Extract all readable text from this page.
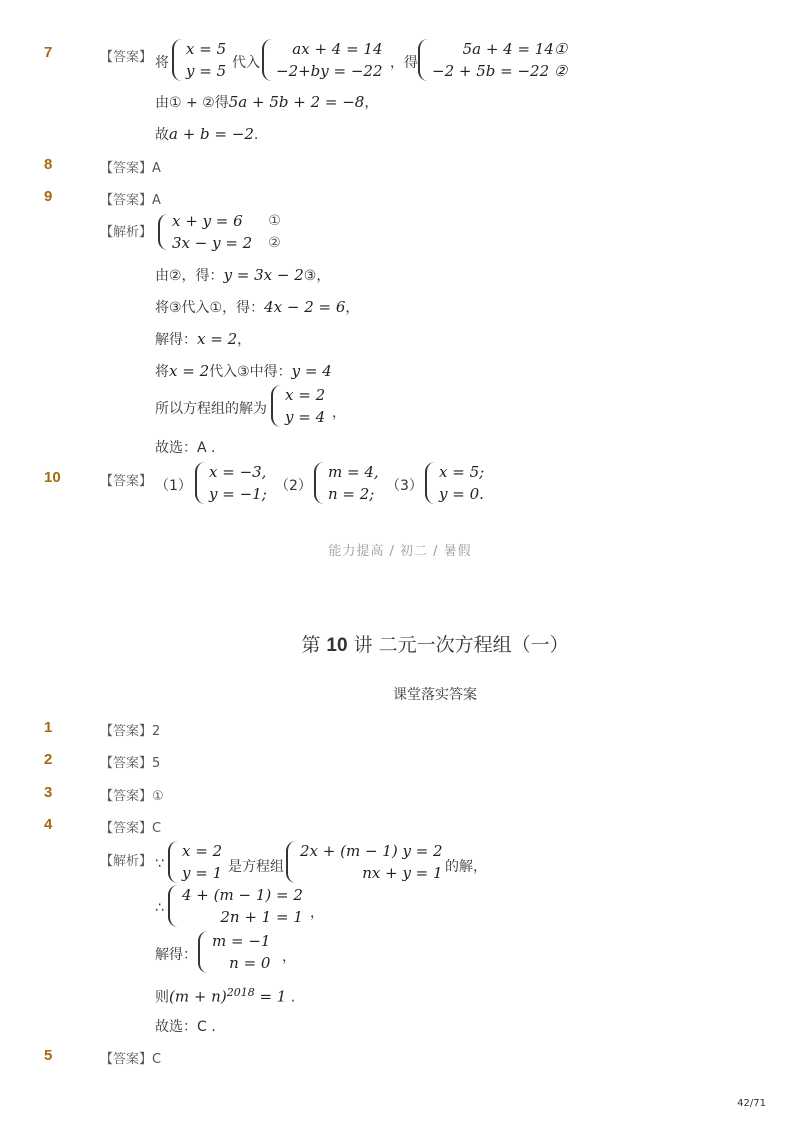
7	【答案】 将
x = 5
y = 5 代入
ax + 4 = 14
−2+by = −22 ，得
5a + 4 = 14①
−2 + 5b = −22 ②
由① + ②得5a + 5b + 2 = −8，
故a + b = −2.
8	【答案】A
9	【答案】A
【解析】
x + y = 6
3x − y = 2
①
②
由②，得：y = 3x − 2③，
将③代入①，得：4x − 2 = 6，
解得：x = 2，
将x = 2代入③中得：y = 4
所以方程组的解为
x = 2
y = 4 ，
故选：A .
10	【答案】 （1）
x = −3,
y = −1; （2）
m = 4,
n = 2; （3）
x = 5;
y = 0.
能力提高 / 初二 / 暑假
第 10 讲 二元一次方程组（一）
课堂落实答案
1	【答案】2
2	【答案】5
3	【答案】①
4	【答案】C
【解析】 ∵
x = 2
y = 1 是方程组
2x + (m − 1) y = 2
nx + y = 1 的解，
∴
4 + (m − 1) = 2
2n + 1 = 1 ，
解得：
m = −1
n = 0 ，
则$(m + n)^{2018} = 1$ .
故选：C .
5	【答案】C
42/71
